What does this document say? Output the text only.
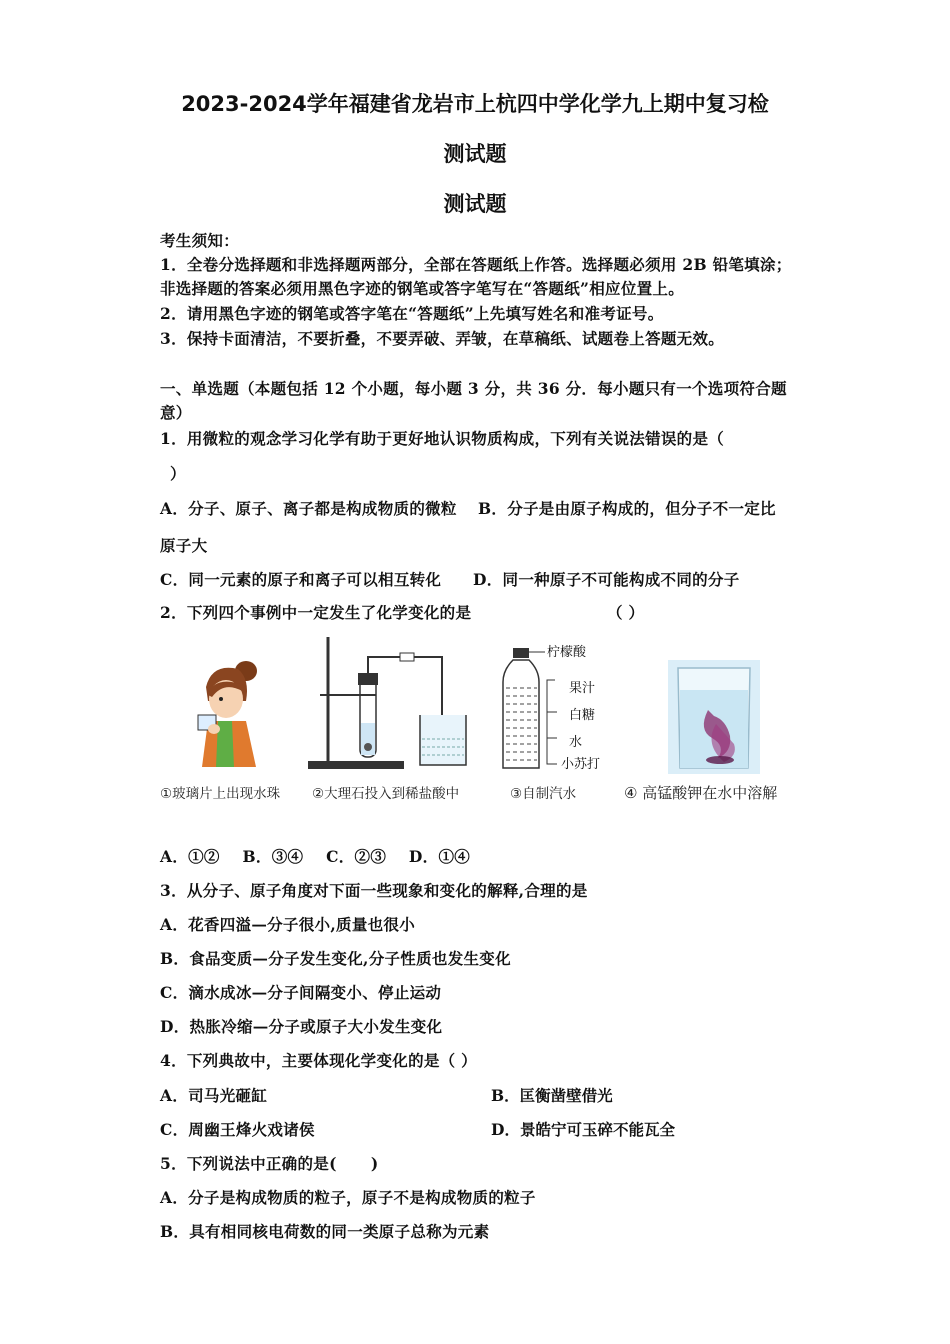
2023-2024学年福建省龙岩市上杭四中学化学九上期中复习检
测试题
测试题
考生须知：
1．全卷分选择题和非选择题两部分，全部在答题纸上作答。选择题必须用 2B 铅笔填涂；
非选择题的答案必须用黑色字迹的钢笔或答字笔写在“答题纸”相应位置上。
2．请用黑色字迹的钢笔或答字笔在“答题纸”上先填写姓名和准考证号。
3．保持卡面清洁，不要折叠，不要弄破、弄皱，在草稿纸、试题卷上答题无效。
一、单选题（本题包括 12 个小题，每小题 3 分，共 36 分．每小题只有一个选项符合题
意）
1．用微粒的观念学习化学有助于更好地认识物质构成，下列有关说法错误的是（
）
A．分子、原子、离子都是构成物质的微粒 B．分子是由原子构成的，但分子不一定比
原子大
C．同一元素的原子和离子可以相互转化 D．同一种原子不可能构成不同的分子
2．下列四个事例中一定发生了化学变化的是	（ ）
柠檬酸
果汁
白糖
水
小苏打
①玻璃片上出现水珠 ②大理石投入到稀盐酸中	③自制汽水	④ 高锰酸钾在水中溶解
A．①②    B．③④    C．②③    D．①④
3．从分子、原子角度对下面一些现象和变化的解释,合理的是
A．花香四溢—分子很小,质量也很小
B．食品变质—分子发生变化,分子性质也发生变化
C．滴水成冰—分子间隔变小、停止运动
D．热胀冷缩—分子或原子大小发生变化
4．下列典故中，主要体现化学变化的是（ ）
A．司马光砸缸	B．匡衡凿壁借光
C．周幽王烽火戏诸侯	D．景皓宁可玉碎不能瓦全
5．下列说法中正确的是(      )
A．分子是构成物质的粒子，原子不是构成物质的粒子
B．具有相同核电荷数的同一类原子总称为元素
